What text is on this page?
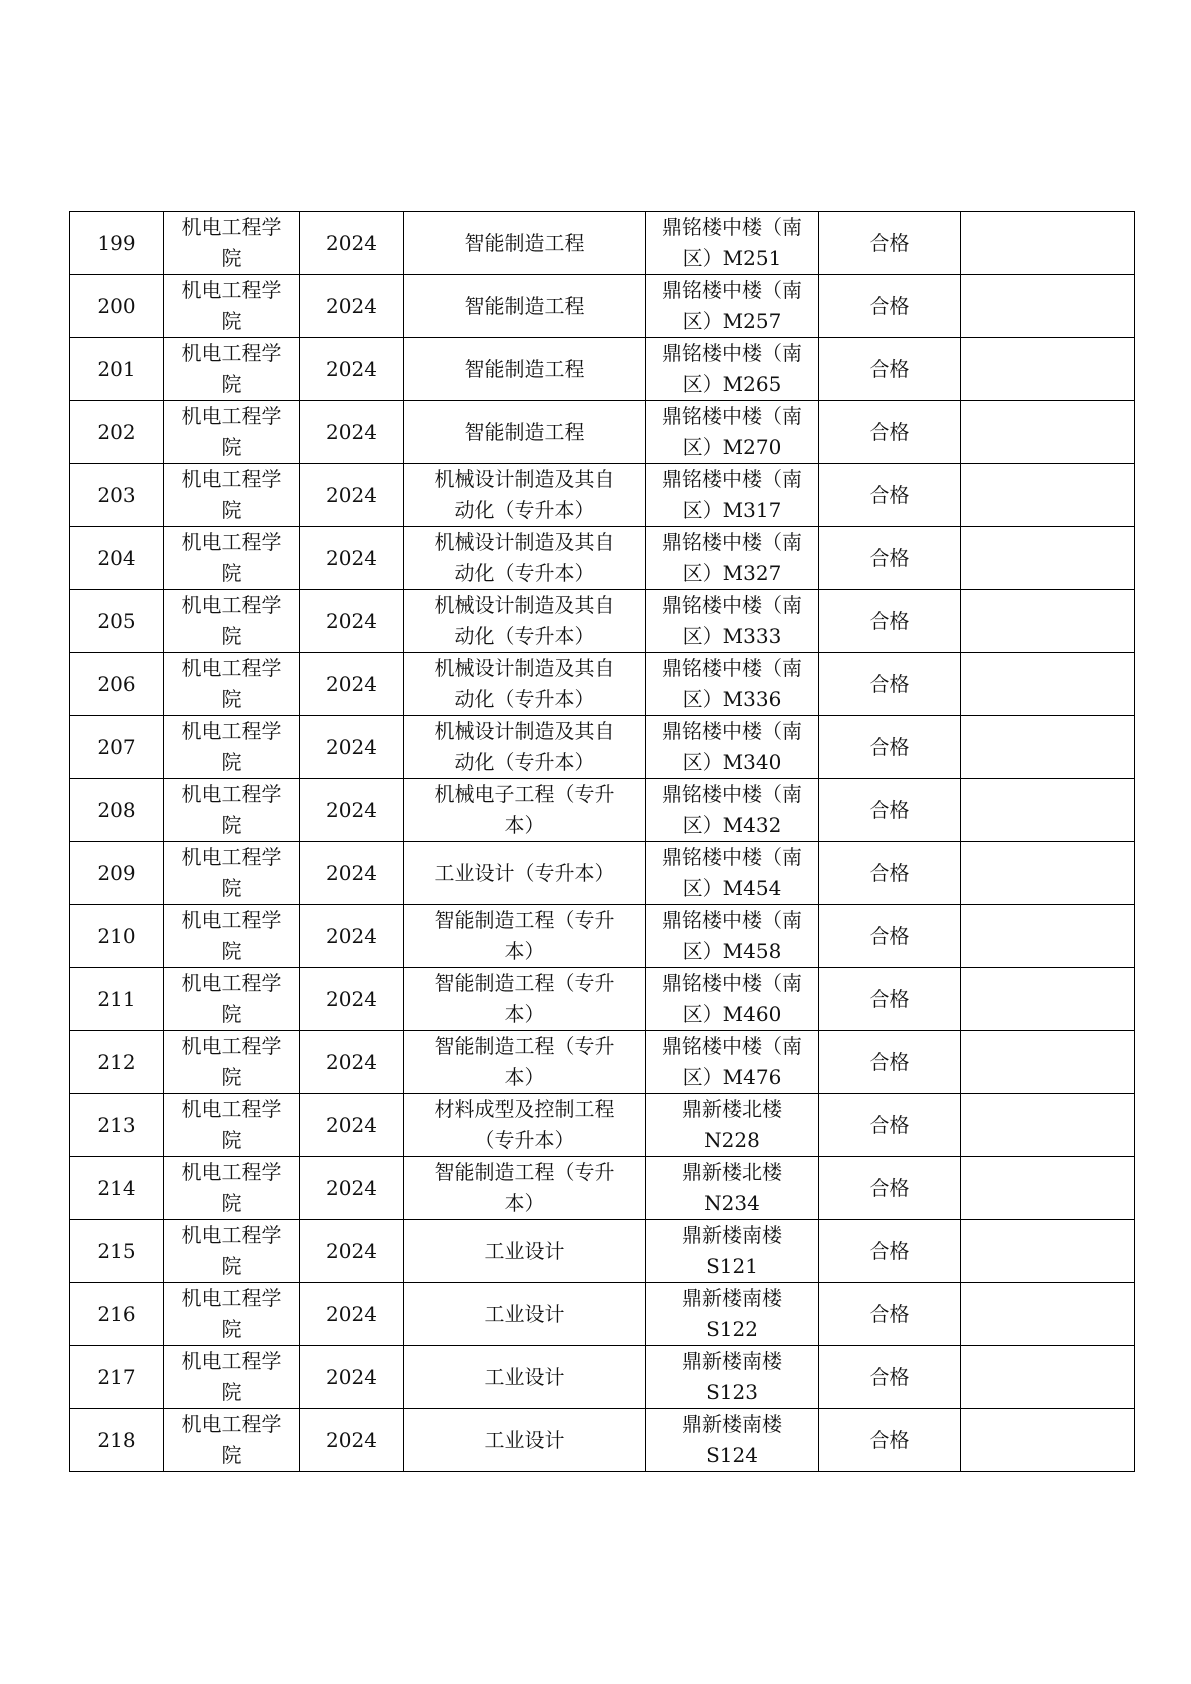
199	机电工程学
院	2024	智能制造工程	鼎铭楼中楼（南
区）M251	合格	
200	机电工程学
院	2024	智能制造工程	鼎铭楼中楼（南
区）M257	合格	
201	机电工程学
院	2024	智能制造工程	鼎铭楼中楼（南
区）M265	合格	
202	机电工程学
院	2024	智能制造工程	鼎铭楼中楼（南
区）M270	合格	
203	机电工程学
院	2024	机械设计制造及其自
动化（专升本）	鼎铭楼中楼（南
区）M317	合格	
204	机电工程学
院	2024	机械设计制造及其自
动化（专升本）	鼎铭楼中楼（南
区）M327	合格	
205	机电工程学
院	2024	机械设计制造及其自
动化（专升本）	鼎铭楼中楼（南
区）M333	合格	
206	机电工程学
院	2024	机械设计制造及其自
动化（专升本）	鼎铭楼中楼（南
区）M336	合格	
207	机电工程学
院	2024	机械设计制造及其自
动化（专升本）	鼎铭楼中楼（南
区）M340	合格	
208	机电工程学
院	2024	机械电子工程（专升
本）	鼎铭楼中楼（南
区）M432	合格	
209	机电工程学
院	2024	工业设计（专升本）	鼎铭楼中楼（南
区）M454	合格	
210	机电工程学
院	2024	智能制造工程（专升
本）	鼎铭楼中楼（南
区）M458	合格	
211	机电工程学
院	2024	智能制造工程（专升
本）	鼎铭楼中楼（南
区）M460	合格	
212	机电工程学
院	2024	智能制造工程（专升
本）	鼎铭楼中楼（南
区）M476	合格	
213	机电工程学
院	2024	材料成型及控制工程
（专升本）	鼎新楼北楼
N228	合格	
214	机电工程学
院	2024	智能制造工程（专升
本）	鼎新楼北楼
N234	合格	
215	机电工程学
院	2024	工业设计	鼎新楼南楼
S121	合格	
216	机电工程学
院	2024	工业设计	鼎新楼南楼
S122	合格	
217	机电工程学
院	2024	工业设计	鼎新楼南楼
S123	合格	
218	机电工程学
院	2024	工业设计	鼎新楼南楼
S124	合格	
